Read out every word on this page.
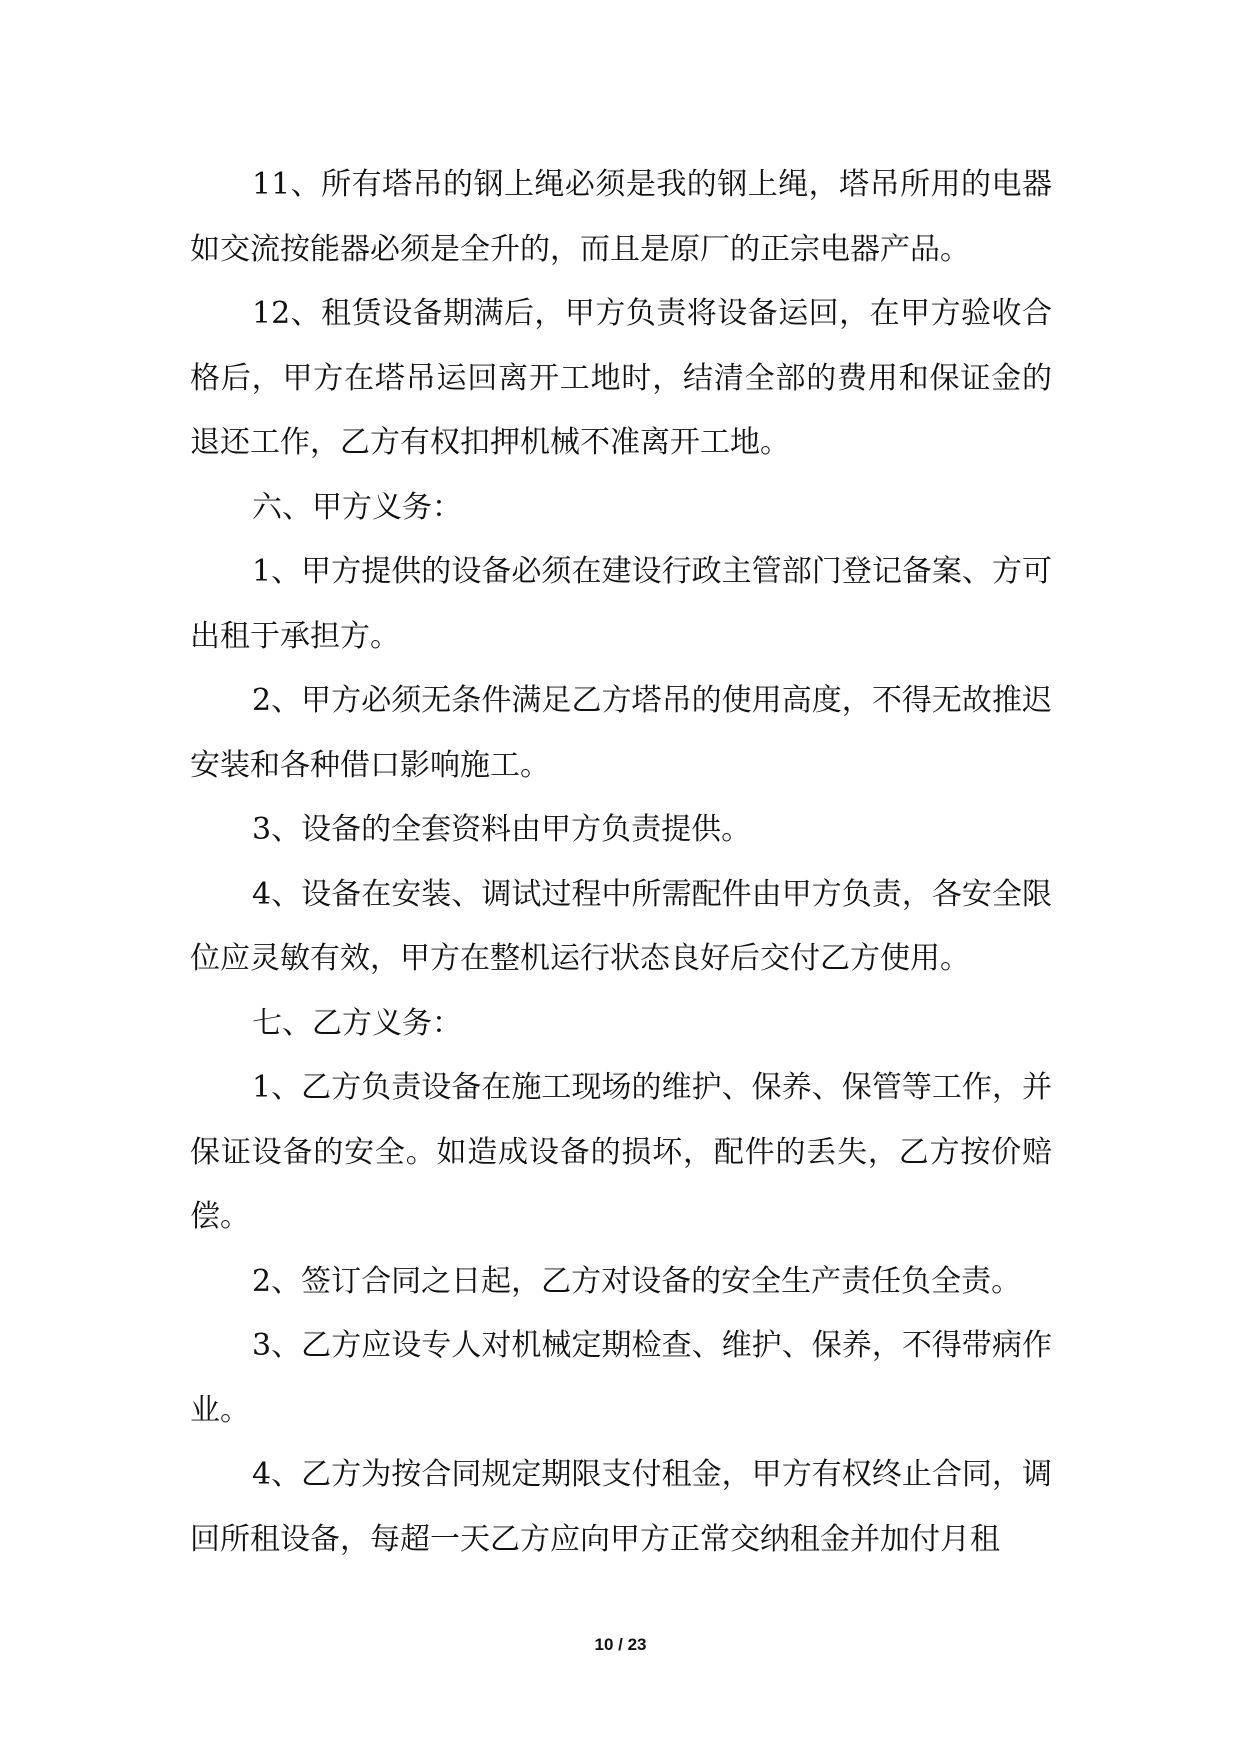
11、所有塔吊的钢上绳必须是我的钢上绳，塔吊所用的电器如交流按能器必须是全升的，而且是原厂的正宗电器产品。

12、租赁设备期满后，甲方负责将设备运回，在甲方验收合格后，甲方在塔吊运回离开工地时，结清全部的费用和保证金的退还工作，乙方有权扣押机械不准离开工地。

六、甲方义务：

1、甲方提供的设备必须在建设行政主管部门登记备案、方可出租于承担方。

2、甲方必须无条件满足乙方塔吊的使用高度，不得无故推迟安装和各种借口影响施工。

3、设备的全套资料由甲方负责提供。

4、设备在安装、调试过程中所需配件由甲方负责，各安全限位应灵敏有效，甲方在整机运行状态良好后交付乙方使用。

七、乙方义务：

1、乙方负责设备在施工现场的维护、保养、保管等工作，并保证设备的安全。如造成设备的损坏，配件的丢失，乙方按价赔偿。

2、签订合同之日起，乙方对设备的安全生产责任负全责。

3、乙方应设专人对机械定期检查、维护、保养，不得带病作业。

4、乙方为按合同规定期限支付租金，甲方有权终止合同，调回所租设备，每超一天乙方应向甲方正常交纳租金并加付月租

10 / 23
